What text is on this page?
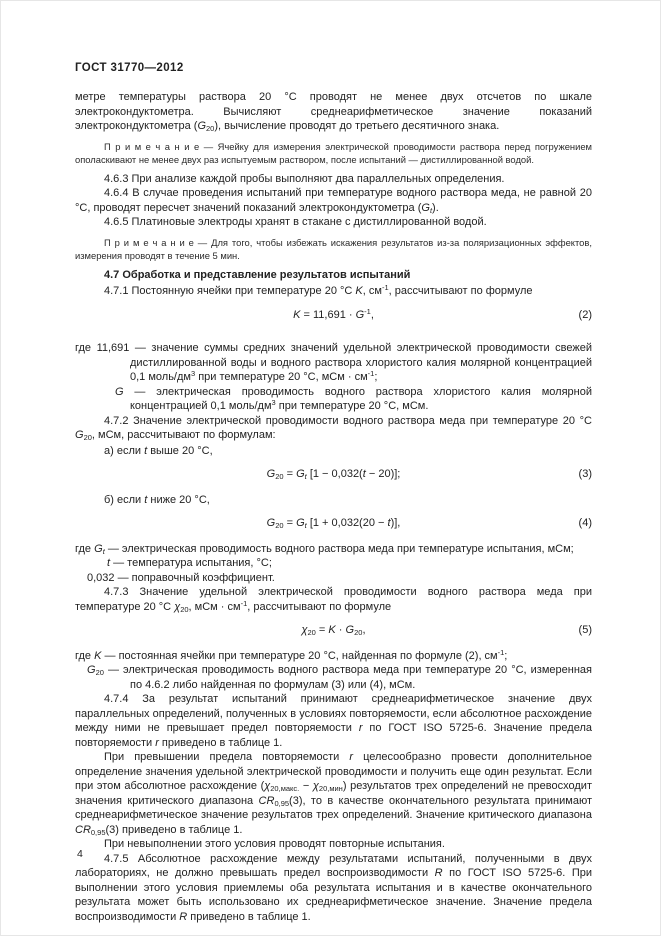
ГОСТ 31770—2012

метре температуры раствора 20 °С проводят не менее двух отсчетов по шкале электрокондуктометра. Вычисляют среднеарифметическое значение показаний электрокондуктометра $(G_{20})$, вычисление проводят до третьего десятичного знака.

П р и м е ч а н и е — Ячейку для измерения электрической проводимости раствора перед погружением ополаскивают не менее двух раз испытуемым раствором, после испытаний — дистиллированной водой.

4.6.3 При анализе каждой пробы выполняют два параллельных определения.

4.6.4 В случае проведения испытаний при температуре водного раствора меда, не равной 20 °С, проводят пересчет значений показаний электрокондуктометра $(G_t)$.

4.6.5 Платиновые электроды хранят в стакане с дистиллированной водой.

П р и м е ч а н и е — Для того, чтобы избежать искажения результатов из-за поляризационных эффектов, измерения проводят в течение 5 мин.

4.7 Обработка и представление результатов испытаний

4.7.1 Постоянную ячейки при температуре 20 °С K, $см^{-1}$, рассчитывают по формуле

$K = 11,691 \cdot G^{-1}$,	(2)

где 11,691 — значение суммы средних значений удельной электрической проводимости свежей дистиллированной воды и водного раствора хлористого калия молярной концентрацией 0,1 моль/$дм^3$ при температуре 20 °С, мСм · $см^{-1}$;

G — электрическая проводимость водного раствора хлористого калия молярной концентрацией 0,1 моль/$дм^3$ при температуре 20 °С, мСм.

4.7.2 Значение электрической проводимости водного раствора меда при температуре 20 °С $G_{20}$, мСм, рассчитывают по формулам:

а) если t выше 20 °С,

$G_{20} = G_t$ [1 − 0,032(t − 20)];	(3)

б) если t ниже 20 °С,

$G_{20} = G_t$ [1 + 0,032(20 − t)],	(4)

где $G_t$ — электрическая проводимость водного раствора меда при температуре испытания, мСм;

t — температура испытания, °С;

0,032 — поправочный коэффициент.

4.7.3 Значение удельной электрической проводимости водного раствора меда при температуре 20 °С $\chi_{20}$, мСм · $см^{-1}$, рассчитывают по формуле

$\chi_{20} = K \cdot G_{20}$,	(5)

где K — постоянная ячейки при температуре 20 °С, найденная по формуле (2), $см^{-1}$;

$G_{20}$ — электрическая проводимость водного раствора меда при температуре 20 °С, измеренная по 4.6.2 либо найденная по формулам (3) или (4), мСм.

4.7.4 За результат испытаний принимают среднеарифметическое значение двух параллельных определений, полученных в условиях повторяемости, если абсолютное расхождение между ними не превышает предел повторяемости r по ГОСТ ISO 5725-6. Значение предела повторяемости r приведено в таблице 1.

При превышении предела повторяемости r целесообразно провести дополнительное определение значения удельной электрической проводимости и получить еще один результат. Если при этом абсолютное расхождение $(\chi_{20,макс.} - \chi_{20,мин})$ результатов трех определений не превосходит значения критического диапазона $CR_{0,95}(3)$, то в качестве окончательного результата принимают среднеарифметическое значение результатов трех определений. Значение критического диапазона $CR_{0,95}(3)$ приведено в таблице 1.

При невыполнении этого условия проводят повторные испытания.

4.7.5 Абсолютное расхождение между результатами испытаний, полученными в двух лабораториях, не должно превышать предел воспроизводимости R по ГОСТ ISO 5725-6. При выполнении этого условия приемлемы оба результата испытания и в качестве окончательного результата может быть использовано их среднеарифметическое значение. Значение предела воспроизводимости R приведено в таблице 1.

4
